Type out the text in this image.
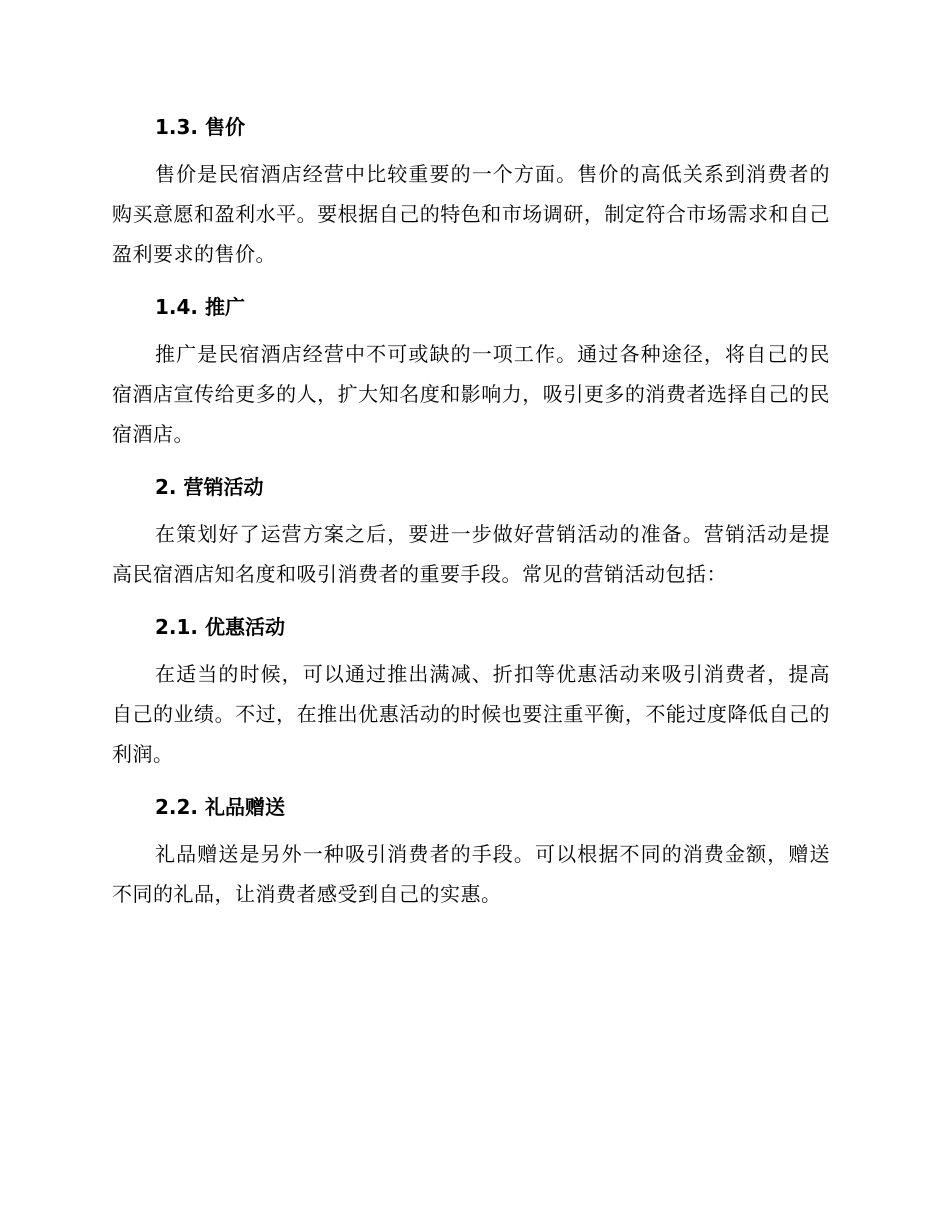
1.3. 售价

售价是民宿酒店经营中比较重要的一个方面。售价的高低关系到消费者的购买意愿和盈利水平。要根据自己的特色和市场调研，制定符合市场需求和自己盈利要求的售价。

1.4. 推广

推广是民宿酒店经营中不可或缺的一项工作。通过各种途径，将自己的民宿酒店宣传给更多的人，扩大知名度和影响力，吸引更多的消费者选择自己的民宿酒店。

2. 营销活动

在策划好了运营方案之后，要进一步做好营销活动的准备。营销活动是提高民宿酒店知名度和吸引消费者的重要手段。常见的营销活动包括：

2.1. 优惠活动

在适当的时候，可以通过推出满减、折扣等优惠活动来吸引消费者，提高自己的业绩。不过，在推出优惠活动的时候也要注重平衡，不能过度降低自己的利润。

2.2. 礼品赠送

礼品赠送是另外一种吸引消费者的手段。可以根据不同的消费金额，赠送不同的礼品，让消费者感受到自己的实惠。
